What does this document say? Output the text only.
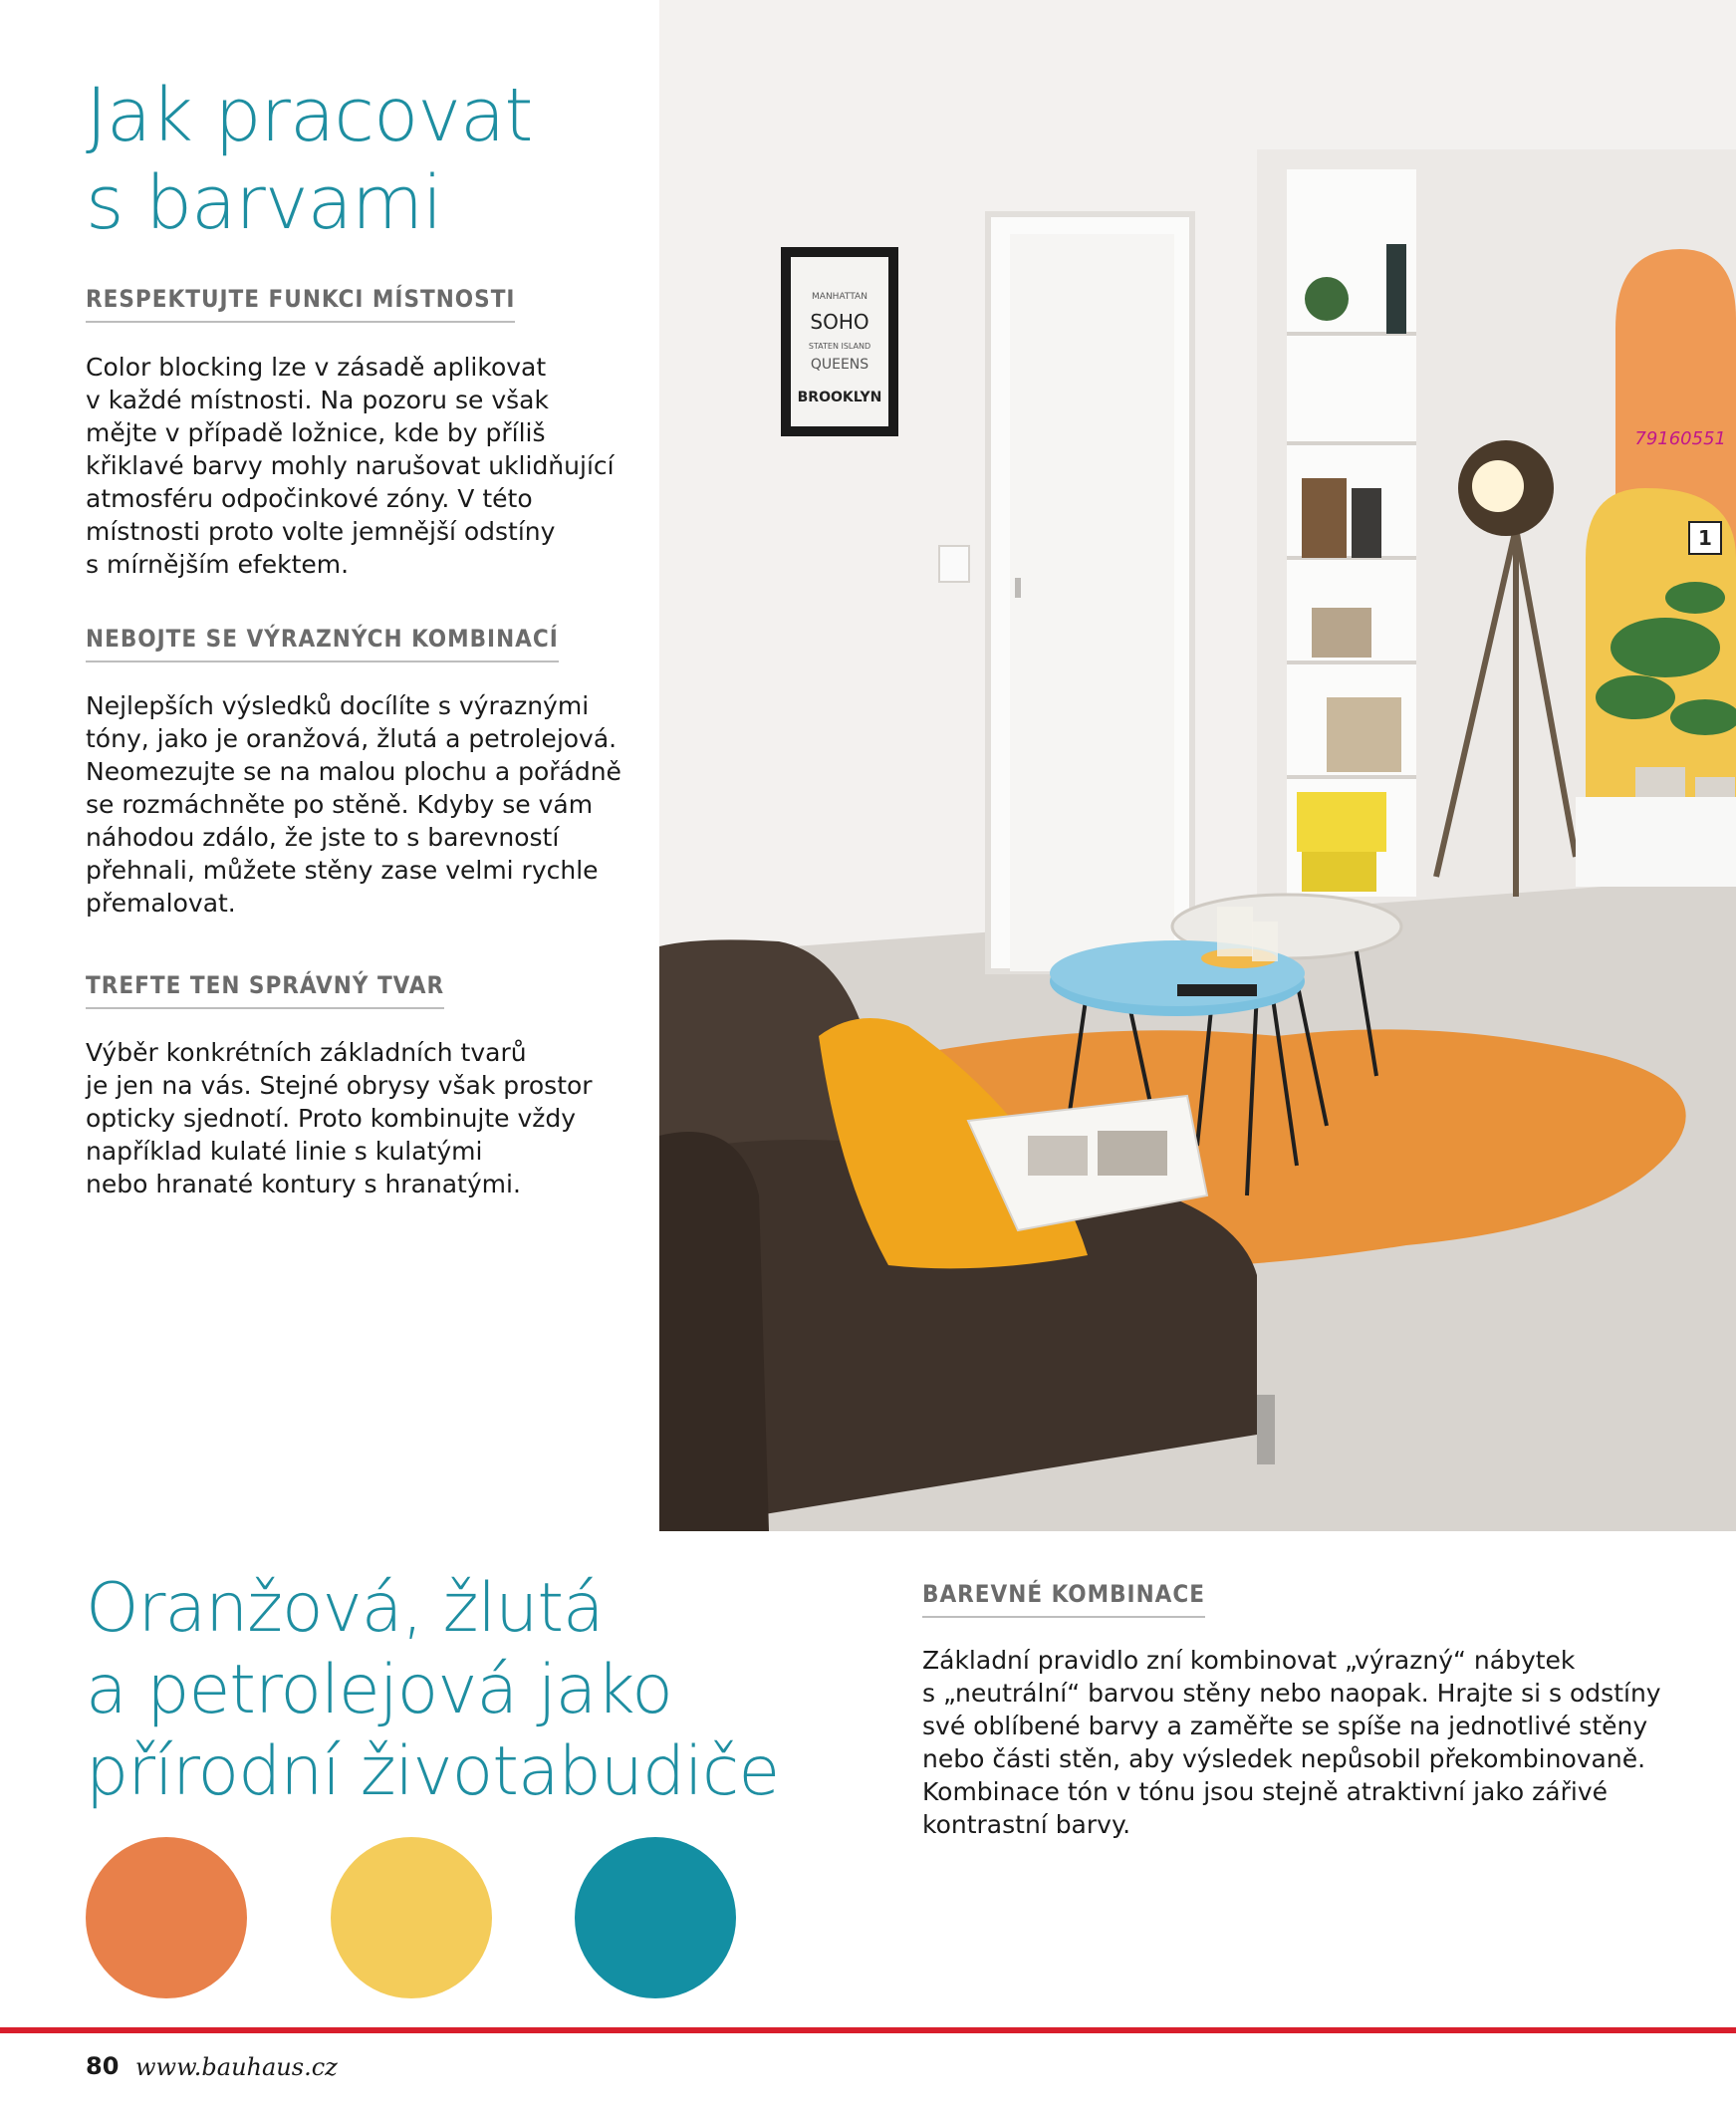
Jak pracovat
s barvami
RESPEKTUJTE FUNKCI MÍSTNOSTI
Color blocking lze v zásadě aplikovat
v každé místnosti. Na pozoru se však
mějte v případě ložnice, kde by příliš
křiklavé barvy mohly narušovat uklidňující
atmosféru odpočinkové zóny. V této
místnosti proto volte jemnější odstíny
s mírnějším efektem.
NEBOJTE SE VÝRAZNÝCH KOMBINACÍ
Nejlepších výsledků docílíte s výraznými
tóny, jako je oranžová, žlutá a petrolejová.
Neomezujte se na malou plochu a pořádně
se rozmáchněte po stěně. Kdyby se vám
náhodou zdálo, že jste to s barevností
přehnali, můžete stěny zase velmi rychle
přemalovat.
TREFTE TEN SPRÁVNÝ TVAR
Výběr konkrétních základních tvarů
je jen na vás. Stejné obrysy však prostor
opticky sjednotí. Proto kombinujte vždy
například kulaté linie s kulatými
nebo hranaté kontury s hranatými.
MANHATTAN
SOHO
STATEN ISLAND
QUEENS
BROOKLYN
79160551
1
Oranžová, žlutá
a petrolejová jako
přírodní životabudiče
BAREVNÉ KOMBINACE
Základní pravidlo zní kombinovat „výrazný“ nábytek
s „neutrální“ barvou stěny nebo naopak. Hrajte si s odstíny
své oblíbené barvy a zaměřte se spíše na jednotlivé stěny
nebo části stěn, aby výsledek nepůsobil překombinovaně.
Kombinace tón v tónu jsou stejně atraktivní jako zářivé
kontrastní barvy.
80 www.bauhaus.cz
